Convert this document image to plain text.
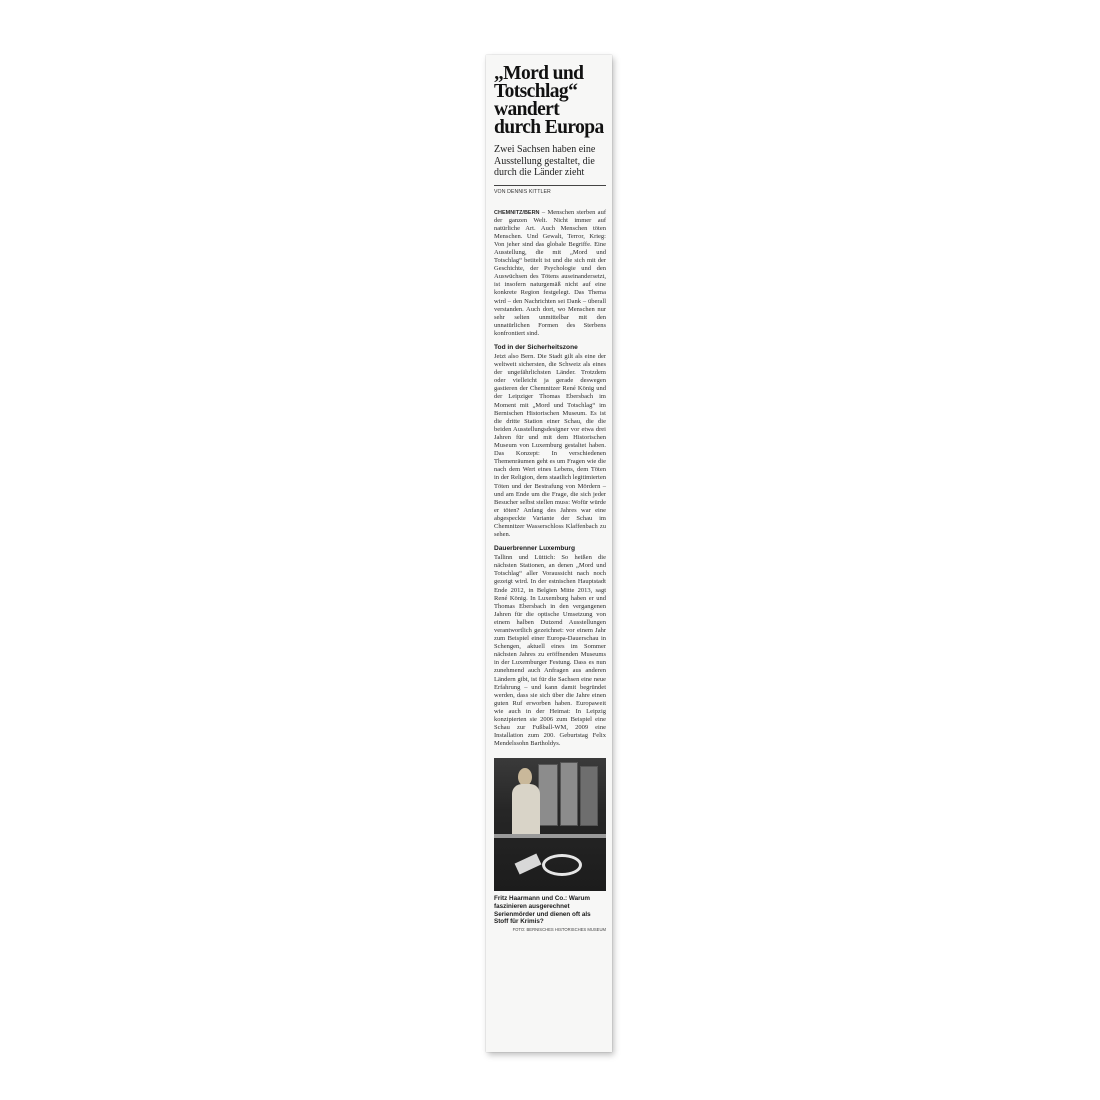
„Mord und Totschlag“ wandert durch Europa

Zwei Sachsen haben eine Ausstellung gestaltet, die durch die Länder zieht

VON DENNIS KITTLER

CHEMNITZ/BERN – Menschen sterben auf der ganzen Welt. Nicht immer auf natürliche Art. Auch Menschen töten Menschen. Und Gewalt, Terror, Krieg: Von jeher sind das globale Begriffe. Eine Ausstellung, die mit „Mord und Totschlag“ betitelt ist und die sich mit der Geschichte, der Psychologie und den Auswüchsen des Tötens auseinandersetzt, ist insofern naturgemäß nicht auf eine konkrete Region festgelegt. Das Thema wird – den Nachrichten sei Dank – überall verstanden. Auch dort, wo Menschen nur sehr selten unmittelbar mit den unnatürlichen Formen des Sterbens konfrontiert sind.

Tod in der Sicherheitszone

Jetzt also Bern. Die Stadt gilt als eine der weltweit sichersten, die Schweiz als eines der ungefährlichsten Länder. Trotzdem oder vielleicht ja gerade deswegen gastieren der Chemnitzer René König und der Leipziger Thomas Ebersbach im Moment mit „Mord und Totschlag“ im Bernischen Historischen Museum. Es ist die dritte Station einer Schau, die die beiden Ausstellungsdesigner vor etwa drei Jahren für und mit dem Historischen Museum von Luxemburg gestaltet haben. Das Konzept: In verschiedenen Themenräumen geht es um Fragen wie die nach dem Wert eines Lebens, dem Töten in der Religion, dem staatlich legitimierten Töten und der Bestrafung von Mördern – und am Ende um die Frage, die sich jeder Besucher selbst stellen muss: Wofür würde er töten? Anfang des Jahres war eine abgespeckte Variante der Schau im Chemnitzer Wasserschloss Klaffenbach zu sehen.

Dauerbrenner Luxemburg

Tallinn und Lüttich: So heißen die nächsten Stationen, an denen „Mord und Totschlag“ aller Voraussicht nach noch gezeigt wird. In der estnischen Hauptstadt Ende 2012, in Belgien Mitte 2013, sagt René König. In Luxemburg haben er und Thomas Ebersbach in den vergangenen Jahren für die optische Umsetzung von einem halben Dutzend Ausstellungen verantwortlich gezeichnet: vor einem Jahr zum Beispiel einer Europa-Dauerschau in Schengen, aktuell eines im Sommer nächsten Jahres zu eröffnenden Museums in der Luxemburger Festung. Dass es nun zunehmend auch Anfragen aus anderen Ländern gibt, ist für die Sachsen eine neue Erfahrung – und kann damit begründet werden, dass sie sich über die Jahre einen guten Ruf erworben haben. Europaweit wie auch in der Heimat: In Leipzig konzipierten sie 2006 zum Beispiel eine Schau zur Fußball-WM, 2009 eine Installation zum 200. Geburtstag Felix Mendelssohn Bartholdys.

Fritz Haarmann und Co.: Warum faszinieren ausgerechnet Serienmörder und dienen oft als Stoff für Krimis?
FOTO: BERNISCHES HISTORISCHES MUSEUM
